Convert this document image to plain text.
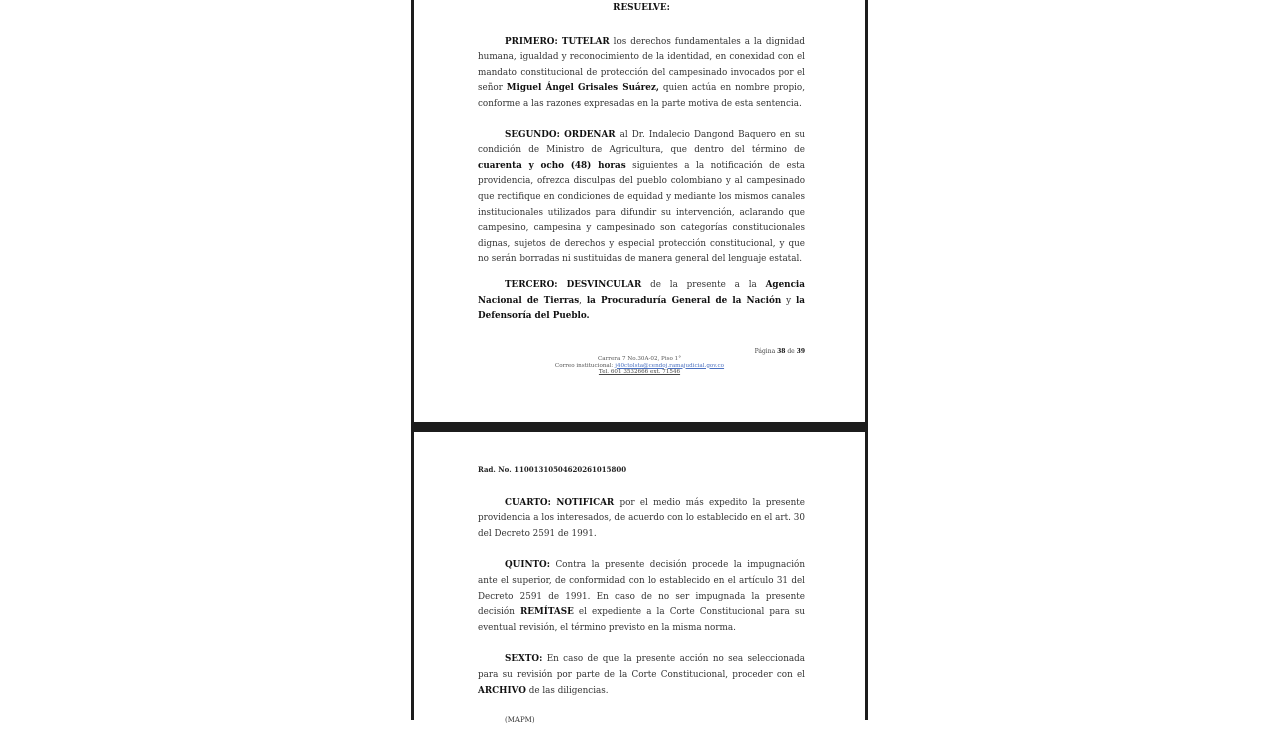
RESUELVE:

PRIMERO: TUTELAR los derechos fundamentales a la dignidad humana, igualdad y reconocimiento de la identidad, en conexidad con el mandato constitucional de protección del campesinado invocados por el señor Miguel Ángel Grisales Suárez, quien actúa en nombre propio, conforme a las razones expresadas en la parte motiva de esta sentencia.

SEGUNDO: ORDENAR al Dr. Indalecio Dangond Baquero en su condición de Ministro de Agricultura, que dentro del término de cuarenta y ocho (48) horas siguientes a la notificación de esta providencia, ofrezca disculpas del pueblo colombiano y al campesinado que rectifique en condiciones de equidad y mediante los mismos canales institucionales utilizados para difundir su intervención, aclarando que campesino, campesina y campesinado son categorías constitucionales dignas, sujetos de derechos y especial protección constitucional, y que no serán borradas ni sustituidas de manera general del lenguaje estatal.

TERCERO: DESVINCULAR de la presente a la Agencia Nacional de Tierras, la Procuraduría General de la Nación y la Defensoría del Pueblo.

Página 38 de 39
Carrera 7 No.30A-02, Piso 1°
Correo institucional: j40ctolsta@cendoj.ramajudicial.gov.co
Tel. 601 3532666 ext. 71546

Rad. No. 11001310504620261015800

CUARTO: NOTIFICAR por el medio más expedito la presente providencia a los interesados, de acuerdo con lo establecido en el art. 30 del Decreto 2591 de 1991.

QUINTO: Contra la presente decisión procede la impugnación ante el superior, de conformidad con lo establecido en el artículo 31 del Decreto 2591 de 1991. En caso de no ser impugnada la presente decisión REMÍTASE el expediente a la Corte Constitucional para su eventual revisión, el término previsto en la misma norma.

SEXTO: En caso de que la presente acción no sea seleccionada para su revisión por parte de la Corte Constitucional, proceder con el ARCHIVO de las diligencias.

(MAPM)
